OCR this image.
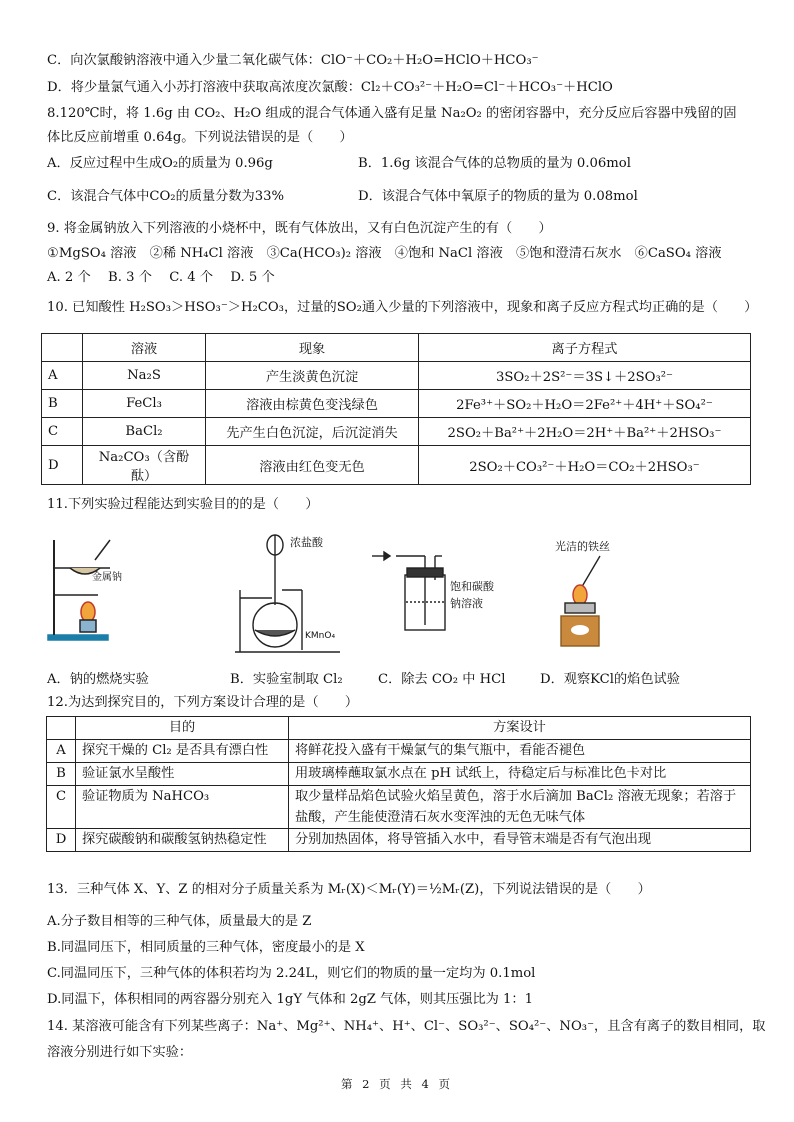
C．向次氯酸钠溶液中通入少量二氧化碳气体：ClO⁻＋CO₂＋H₂O=HClO＋HCO₃⁻
D．将少量氯气通入小苏打溶液中获取高浓度次氯酸：Cl₂＋CO₃²⁻＋H₂O=Cl⁻＋HCO₃⁻＋HClO
8.120℃时，将 1.6g 由 CO₂、H₂O 组成的混合气体通入盛有足量 Na₂O₂ 的密闭容器中，充分反应后容器中残留的固
体比反应前增重 0.64g。下列说法错误的是（　　）
A．反应过程中生成O₂的质量为 0.96g	B．1.6g 该混合气体的总物质的量为 0.06mol
C．该混合气体中CO₂的质量分数为33%	D．该混合气体中氧原子的物质的量为 0.08mol
9. 将金属钠放入下列溶液的小烧杯中，既有气体放出，又有白色沉淀产生的有（　　）
①MgSO₄ 溶液　②稀 NH₄Cl 溶液　③Ca(HCO₃)₂ 溶液　④饱和 NaCl 溶液　⑤饱和澄清石灰水　⑥CaSO₄ 溶液
A. 2 个　 B. 3 个　 C. 4 个　 D. 5 个
10. 已知酸性 H₂SO₃＞HSO₃⁻＞H₂CO₃，过量的SO₂通入少量的下列溶液中，现象和离子反应方程式均正确的是（　　）
	溶液	现象	离子方程式
A	Na₂S	产生淡黄色沉淀	3SO₂＋2S²⁻＝3S↓＋2SO₃²⁻
B	FeCl₃	溶液由棕黄色变浅绿色	2Fe³⁺＋SO₂＋H₂O＝2Fe²⁺＋4H⁺＋SO₄²⁻
C	BaCl₂	先产生白色沉淀，后沉淀消失	2SO₂＋Ba²⁺＋2H₂O＝2H⁺＋Ba²⁺＋2HSO₃⁻
D	Na₂CO₃（含酚酞）	溶液由红色变无色	2SO₂＋CO₃²⁻＋H₂O＝CO₂＋2HSO₃⁻
11.下列实验过程能达到实验目的的是（　　）
金属钠
浓盐酸
KMnO₄
饱和碳酸
钠溶液
光洁的铁丝
A．钠的燃烧实验	B．实验室制取 Cl₂	C．除去 CO₂ 中 HCl	D．观察KCl的焰色试验
12.为达到探究目的，下列方案设计合理的是（　　）
	目的	方案设计
A	探究干燥的 Cl₂ 是否具有漂白性	将鲜花投入盛有干燥氯气的集气瓶中，看能否褪色
B	验证氯水呈酸性	用玻璃棒蘸取氯水点在 pH 试纸上，待稳定后与标准比色卡对比
C	验证物质为 NaHCO₃	取少量样品焰色试验火焰呈黄色，溶于水后滴加 BaCl₂ 溶液无现象；若溶于盐酸，产生能使澄清石灰水变浑浊的无色无味气体
D	探究碳酸钠和碳酸氢钠热稳定性	分别加热固体，将导管插入水中，看导管末端是否有气泡出现
13．三种气体 X、Y、Z 的相对分子质量关系为 Mᵣ(X)＜Mᵣ(Y)＝½Mᵣ(Z)，下列说法错误的是（　　）
A.分子数目相等的三种气体，质量最大的是 Z
B.同温同压下，相同质量的三种气体，密度最小的是 X
C.同温同压下，三种气体的体积若均为 2.24L，则它们的物质的量一定均为 0.1mol
D.同温下，体积相同的两容器分别充入 1gY 气体和 2gZ 气体，则其压强比为 1：1
14. 某溶液可能含有下列某些离子：Na⁺、Mg²⁺、NH₄⁺、H⁺、Cl⁻、SO₃²⁻、SO₄²⁻、NO₃⁻，且含有离子的数目相同，取
溶液分别进行如下实验：
第 2 页 共 4 页
